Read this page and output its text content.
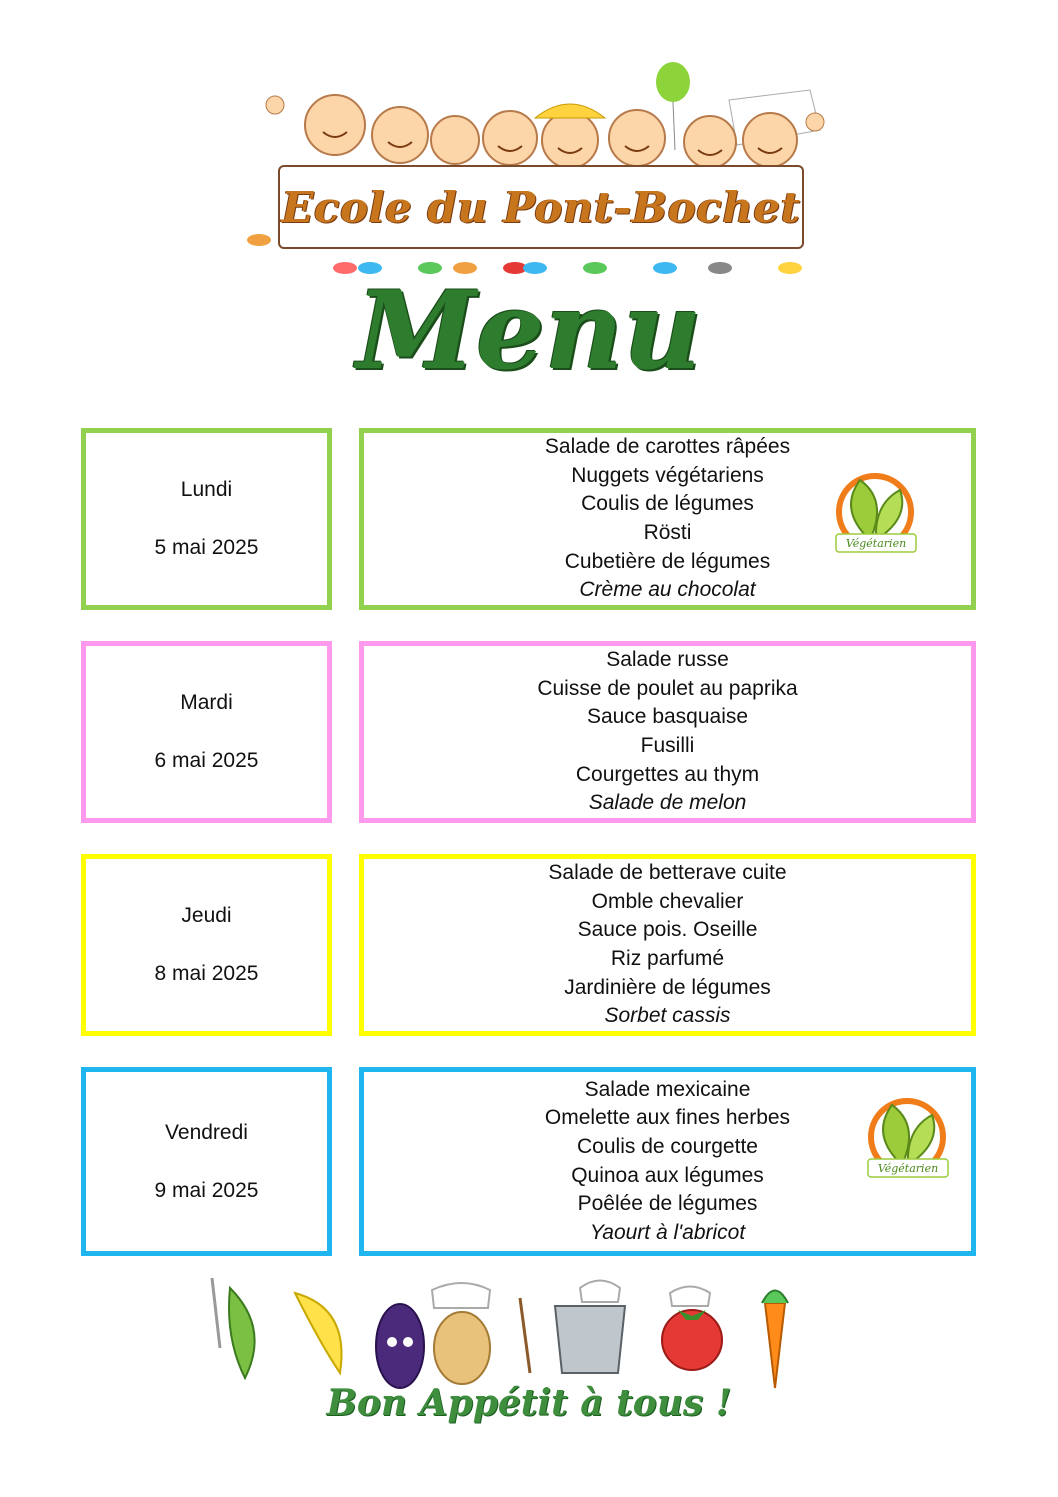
Ecole du Pont-Bochet
Menu
Lundi
5 mai 2025
Salade de carottes râpées
Nuggets végétariens
Coulis de légumes
Rösti
Cubetière de légumes
Crème au chocolat
Végétarien
Mardi
6 mai 2025
Salade russe
Cuisse de poulet au paprika
Sauce basquaise
Fusilli
Courgettes au thym
Salade de melon
Jeudi
8 mai 2025
Salade de betterave cuite
Omble chevalier
Sauce pois. Oseille
Riz parfumé
Jardinière de légumes
Sorbet cassis
Vendredi
9 mai 2025
Salade mexicaine
Omelette aux fines herbes
Coulis de courgette
Quinoa aux légumes
Poêlée de légumes
Yaourt à l'abricot
Végétarien
Bon Appétit à tous !
